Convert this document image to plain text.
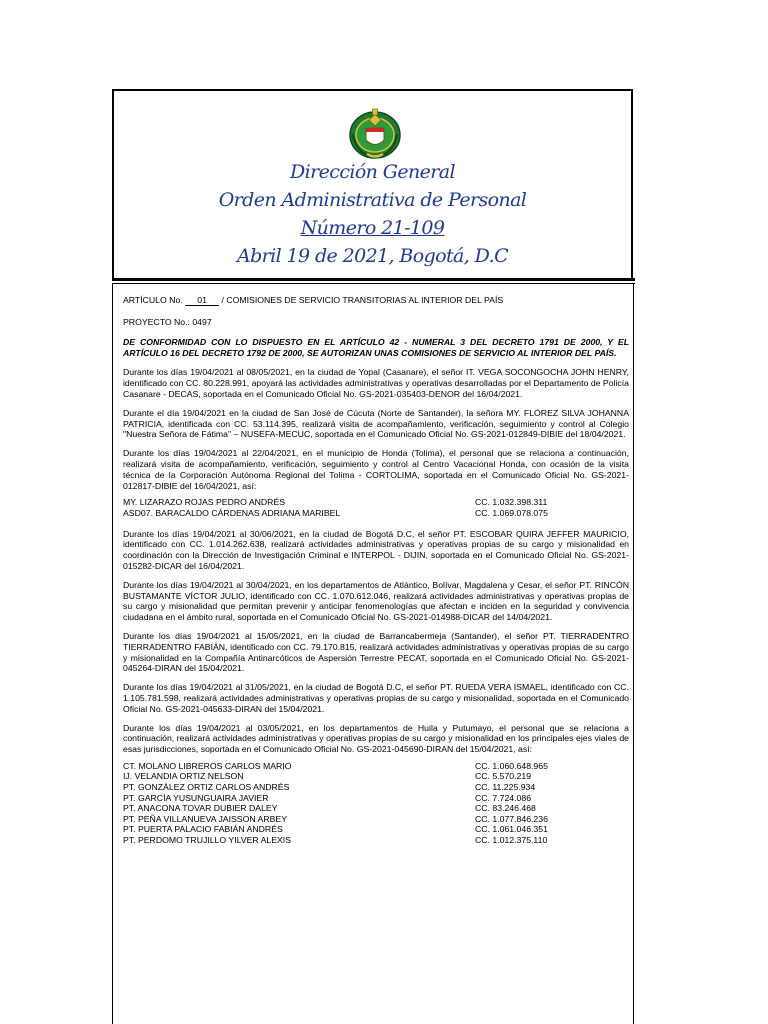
Dirección General
Orden Administrativa de Personal
Número 21-109
Abril 19 de 2021, Bogotá, D.C

ARTÍCULO No. 01 / COMISIONES DE SERVICIO TRANSITORIAS AL INTERIOR DEL PAÍS

PROYECTO No.: 0497

DE CONFORMIDAD CON LO DISPUESTO EN EL ARTÍCULO 42 - NUMERAL 3 DEL DECRETO 1791 DE 2000, Y EL ARTÍCULO 16 DEL DECRETO 1792 DE 2000, SE AUTORIZAN UNAS COMISIONES DE SERVICIO AL INTERIOR DEL PAÍS.

Durante los días 19/04/2021 al 08/05/2021, en la ciudad de Yopal (Casanare), el señor IT. VEGA SOCONGOCHA JOHN HENRY, identificado con CC. 80.228.991, apoyará las actividades administrativas y operativas desarrolladas por el Departamento de Policía Casanare - DECAS, soportada en el Comunicado Oficial No. GS-2021-035403-DENOR del 16/04/2021.

Durante el día 19/04/2021 en la ciudad de San José de Cúcuta (Norte de Santander), la señora MY. FLÓREZ SILVA JOHANNA PATRICIA, identificada con CC. 53.114.395, realizará visita de acompañamiento, verificación, seguimiento y control al Colegio "Nuestra Señora de Fátima" – NUSEFA-MECUC, soportada en el Comunicado Oficial No. GS-2021-012849-DIBIE del 18/04/2021.

Durante los días 19/04/2021 al 22/04/2021, en el municipio de Honda (Tolima), el personal que se relaciona a continuación, realizará visita de acompañamiento, verificación, seguimiento y control al Centro Vacacional Honda, con ocasión de la visita técnica de la Corporación Autónoma Regional del Tolima - CORTOLIMA, soportada en el Comunicado Oficial No. GS-2021-012817-DIBIE del 16/04/2021, así:

MY. LIZARAZO ROJAS PEDRO ANDRÉS	CC. 1.032.398.311
ASD07. BARACALDO CÁRDENAS ADRIANA MARIBEL	CC. 1.069.078.075

Durante los días 19/04/2021 al 30/06/2021, en la ciudad de Bogotá D.C, el señor PT. ESCOBAR QUIRA JEFFER MAURICIO, identificado con CC. 1.014.262.638, realizará actividades administrativas y operativas propias de su cargo y misionalidad en coordinación con la Dirección de Investigación Criminal e INTERPOL - DIJIN, soportada en el Comunicado Oficial No. GS-2021-015282-DICAR del 16/04/2021.

Durante los días 19/04/2021 al 30/04/2021, en los departamentos de Atlántico, Bolívar, Magdalena y Cesar, el señor PT. RINCÓN BUSTAMANTE VÍCTOR JULIO, identificado con CC. 1.070.612.046, realizará actividades administrativas y operativas propias de su cargo y misionalidad que permitan prevenir y anticipar fenomenologías que afectan e inciden en la seguridad y convivencia ciudadana en el ámbito rural, soportada en el Comunicado Oficial No. GS-2021-014988-DICAR del 14/04/2021.

Durante los días 19/04/2021 al 15/05/2021, en la ciudad de Barrancabermeja (Santander), el señor PT. TIERRADENTRO TIERRADENTRO FABIÁN, identificado con CC. 79.170.815, realizará actividades administrativas y operativas propias de su cargo y misionalidad en la Compañía Antinarcóticos de Aspersión Terrestre PECAT, soportada en el Comunicado Oficial No. GS-2021-045264-DIRAN del 15/04/2021.

Durante los días 19/04/2021 al 31/05/2021, en la ciudad de Bogotá D.C, el señor PT. RUEDA VERA ISMAEL, identificado con CC. 1.105.781.598, realizará actividades administrativas y operativas propias de su cargo y misionalidad, soportada en el Comunicado Oficial No. GS-2021-045633-DIRAN del 15/04/2021.

Durante los días 19/04/2021 al 03/05/2021, en los departamentos de Huila y Putumayo, el personal que se relaciona a continuación, realizará actividades administrativas y operativas propias de su cargo y misionalidad en los principales ejes viales de esas jurisdicciones, soportada en el Comunicado Oficial No. GS-2021-045690-DIRAN del 15/04/2021, así:

CT. MOLANO LIBREROS CARLOS MARIO	CC. 1.060.648.965
IJ. VELANDIA ORTIZ NELSON	CC. 5.570.219
PT. GONZÁLEZ ORTIZ CARLOS ANDRÉS	CC. 11.225.934
PT. GARCÍA YUSUNGUAIRA JAVIER	CC. 7.724.086
PT. ANACONA TOVAR DUBIER DALEY	CC. 83.246.468
PT. PEÑA VILLANUEVA JAISSON ARBEY	CC. 1.077.846.236
PT. PUERTA PALACIO FABIÁN ANDRÉS	CC. 1.061.046.351
PT. PERDOMO TRUJILLO YILVER ALEXIS	CC. 1.012.375.110
